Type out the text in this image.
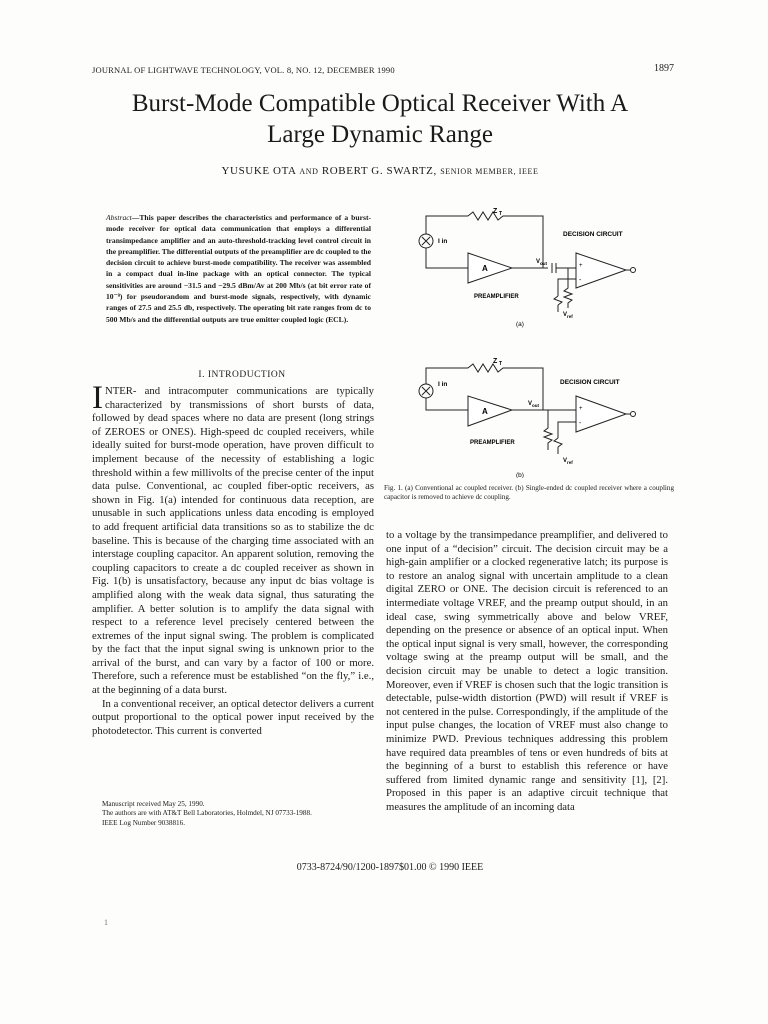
JOURNAL OF LIGHTWAVE TECHNOLOGY, VOL. 8, NO. 12, DECEMBER 1990	1897
Burst-Mode Compatible Optical Receiver With A
Large Dynamic Range
YUSUKE OTA AND ROBERT G. SWARTZ, SENIOR MEMBER, IEEE
Abstract—This paper describes the characteristics and performance of a burst-mode receiver for optical data communication that employs a differential transimpedance amplifier and an auto-threshold-tracking level control circuit in the preamplifier. The differential outputs of the preamplifier are dc coupled to the decision circuit to achieve burst-mode compatibility. The receiver was assembled in a compact dual in-line package with an optical connector. The typical sensitivities are around −31.5 and −29.5 dBm/Av at 200 Mb/s (at bit error rate of 10⁻⁹) for pseudorandom and burst-mode signals, respectively, with dynamic ranges of 27.5 and 25.5 db, respectively. The operating bit rate ranges from dc to 500 Mb/s and the differential outputs are true emitter coupled logic (ECL).
Z T
I in
A
V out
DECISION CIRCUIT
PREAMPLIFIER
V ref
+
-
(a)
Z T
I in
A
V out
DECISION CIRCUIT
PREAMPLIFIER
V ref
+
-
(b)
Fig. 1. (a) Conventional ac coupled receiver. (b) Single-ended dc coupled receiver where a coupling capacitor is removed to achieve dc coupling.
I. INTRODUCTION

INTER- and intracomputer communications are typically characterized by transmissions of short bursts of data, followed by dead spaces where no data are present (long strings of ZEROES or ONES). High-speed dc coupled receivers, while ideally suited for burst-mode operation, have proven difficult to implement because of the necessity of establishing a logic threshold within a few millivolts of the precise center of the input data pulse. Conventional, ac coupled fiber-optic receivers, as shown in Fig. 1(a) intended for continuous data reception, are unusable in such applications unless data encoding is employed to add frequent artificial data transitions so as to stabilize the dc baseline. This is because of the charging time associated with an interstage coupling capacitor. An apparent solution, removing the coupling capacitors to create a dc coupled receiver as shown in Fig. 1(b) is unsatisfactory, because any input dc bias voltage is amplified along with the weak data signal, thus saturating the amplifier. A better solution is to amplify the data signal with respect to a reference level precisely centered between the extremes of the input signal swing. The problem is complicated by the fact that the input signal swing is unknown prior to the arrival of the burst, and can vary by a factor of 100 or more. Therefore, such a reference must be established “on the fly,” i.e., at the beginning of a data burst.

In a conventional receiver, an optical detector delivers a current output proportional to the optical power input received by the photodetector. This current is converted

to a voltage by the transimpedance preamplifier, and delivered to one input of a “decision” circuit. The decision circuit may be a high-gain amplifier or a clocked regenerative latch; its purpose is to restore an analog signal with uncertain amplitude to a clean digital ZERO or ONE. The decision circuit is referenced to an intermediate voltage VREF, and the preamp output should, in an ideal case, swing symmetrically above and below VREF, depending on the presence or absence of an optical input. When the optical input signal is very small, however, the corresponding voltage swing at the preamp output will be small, and the decision circuit may be unable to detect a logic transition. Moreover, even if VREF is chosen such that the logic transition is detectable, pulse-width distortion (PWD) will result if VREF is not centered in the pulse. Correspondingly, if the amplitude of the input pulse changes, the location of VREF must also change to minimize PWD. Previous techniques addressing this problem have required data preambles of tens or even hundreds of bits at the beginning of a burst to establish this reference or have suffered from limited dynamic range and sensitivity [1], [2]. Proposed in this paper is an adaptive circuit technique that measures the amplitude of an incoming data

Manuscript received May 25, 1990.
The authors are with AT&T Bell Laboratories, Holmdel, NJ 07733-1988.
IEEE Log Number 9038816.
0733-8724/90/1200-1897$01.00 © 1990 IEEE
1
